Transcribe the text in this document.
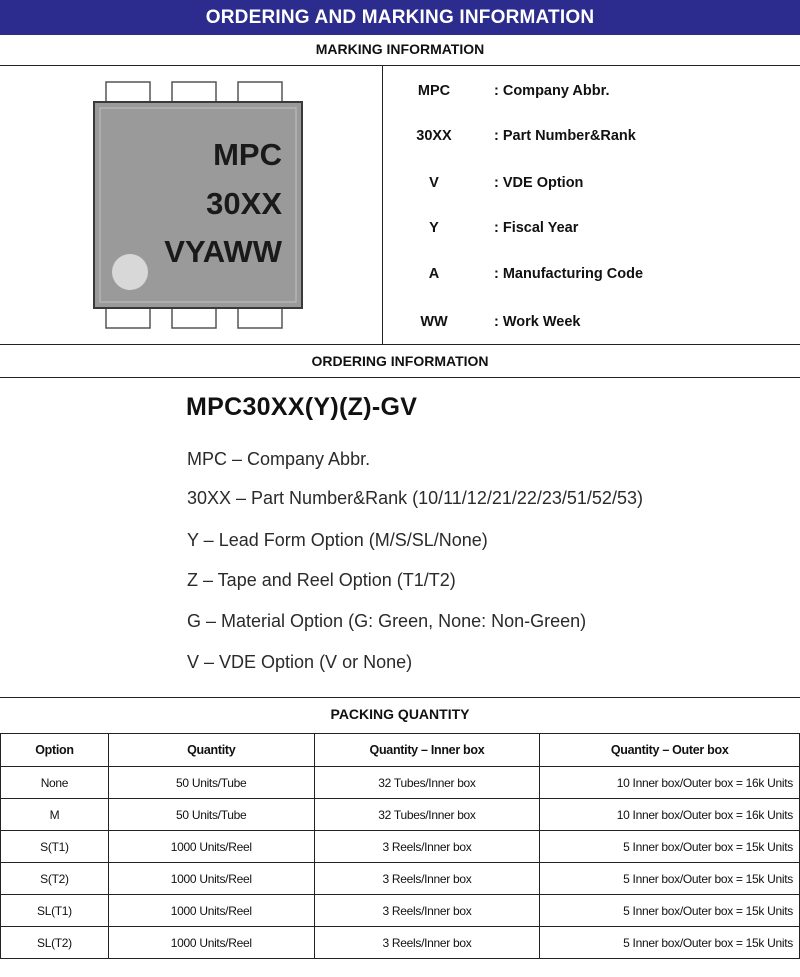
ORDERING AND MARKING INFORMATION
MARKING INFORMATION
MPC
30XX
VYAWW
MPC	: Company Abbr.
30XX	: Part Number&Rank
V	: VDE Option
Y	: Fiscal Year
A	: Manufacturing Code
WW	: Work Week
ORDERING INFORMATION
MPC30XX(Y)(Z)-GV
MPC – Company Abbr.
30XX – Part Number&Rank (10/11/12/21/22/23/51/52/53)
Y – Lead Form Option (M/S/SL/None)
Z – Tape and Reel Option (T1/T2)
G – Material Option (G: Green, None: Non-Green)
V – VDE Option (V or None)
PACKING QUANTITY
Option	Quantity	Quantity – Inner box	Quantity – Outer box
None	50 Units/Tube	32 Tubes/Inner box	10 Inner box/Outer box = 16k Units
M	50 Units/Tube	32 Tubes/Inner box	10 Inner box/Outer box = 16k Units
S(T1)	1000 Units/Reel	3 Reels/Inner box	5 Inner box/Outer box = 15k Units
S(T2)	1000 Units/Reel	3 Reels/Inner box	5 Inner box/Outer box = 15k Units
SL(T1)	1000 Units/Reel	3 Reels/Inner box	5 Inner box/Outer box = 15k Units
SL(T2)	1000 Units/Reel	3 Reels/Inner box	5 Inner box/Outer box = 15k Units
